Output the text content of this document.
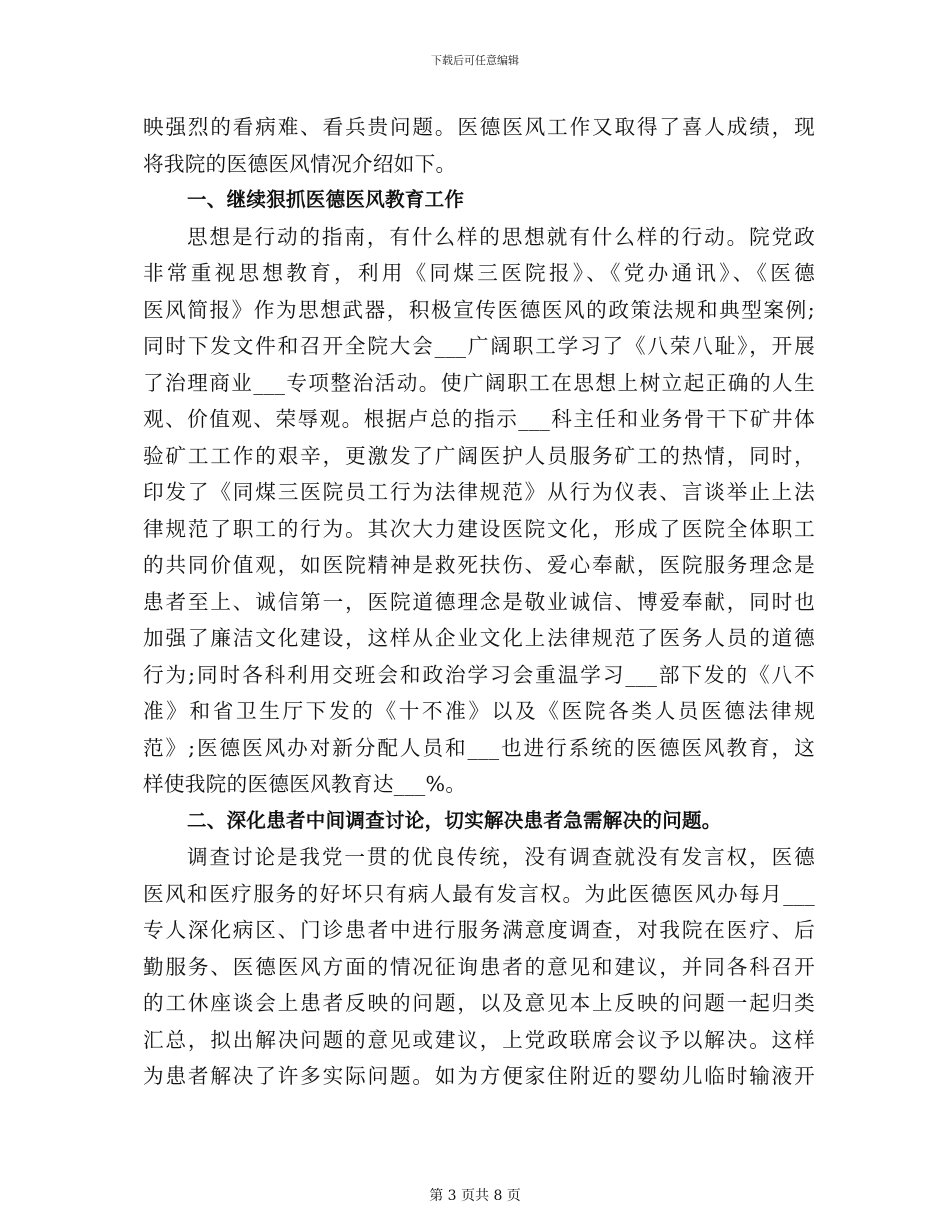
下载后可任意编辑
映强烈的看病难、看兵贵问题。医德医风工作又取得了喜人成绩，现
将我院的医德医风情况介绍如下。
一、继续狠抓医德医风教育工作
思想是行动的指南，有什么样的思想就有什么样的行动。院党政
非常重视思想教育，利用《同煤三医院报》、《党办通讯》、《医德
医风简报》作为思想武器，积极宣传医德医风的政策法规和典型案例;
同时下发文件和召开全院大会___广阔职工学习了《八荣八耻》，开展
了治理商业___专项整治活动。使广阔职工在思想上树立起正确的人生
观、价值观、荣辱观。根据卢总的指示___科主任和业务骨干下矿井体
验矿工工作的艰辛，更激发了广阔医护人员服务矿工的热情，同时，
印发了《同煤三医院员工行为法律规范》从行为仪表、言谈举止上法
律规范了职工的行为。其次大力建设医院文化，形成了医院全体职工
的共同价值观，如医院精神是救死扶伤、爱心奉献，医院服务理念是
患者至上、诚信第一，医院道德理念是敬业诚信、博爱奉献，同时也
加强了廉洁文化建设，这样从企业文化上法律规范了医务人员的道德
行为;同时各科利用交班会和政治学习会重温学习___部下发的《八不
准》和省卫生厅下发的《十不准》以及《医院各类人员医德法律规
范》;医德医风办对新分配人员和___也进行系统的医德医风教育，这
样使我院的医德医风教育达___%。
二、深化患者中间调查讨论，切实解决患者急需解决的问题。
调查讨论是我党一贯的优良传统，没有调查就没有发言权，医德
医风和医疗服务的好坏只有病人最有发言权。为此医德医风办每月___
专人深化病区、门诊患者中进行服务满意度调查，对我院在医疗、后
勤服务、医德医风方面的情况征询患者的意见和建议，并同各科召开
的工休座谈会上患者反映的问题，以及意见本上反映的问题一起归类
汇总，拟出解决问题的意见或建议，上党政联席会议予以解决。这样
为患者解决了许多实际问题。如为方便家住附近的婴幼儿临时输液开
第 3 页共 8 页
